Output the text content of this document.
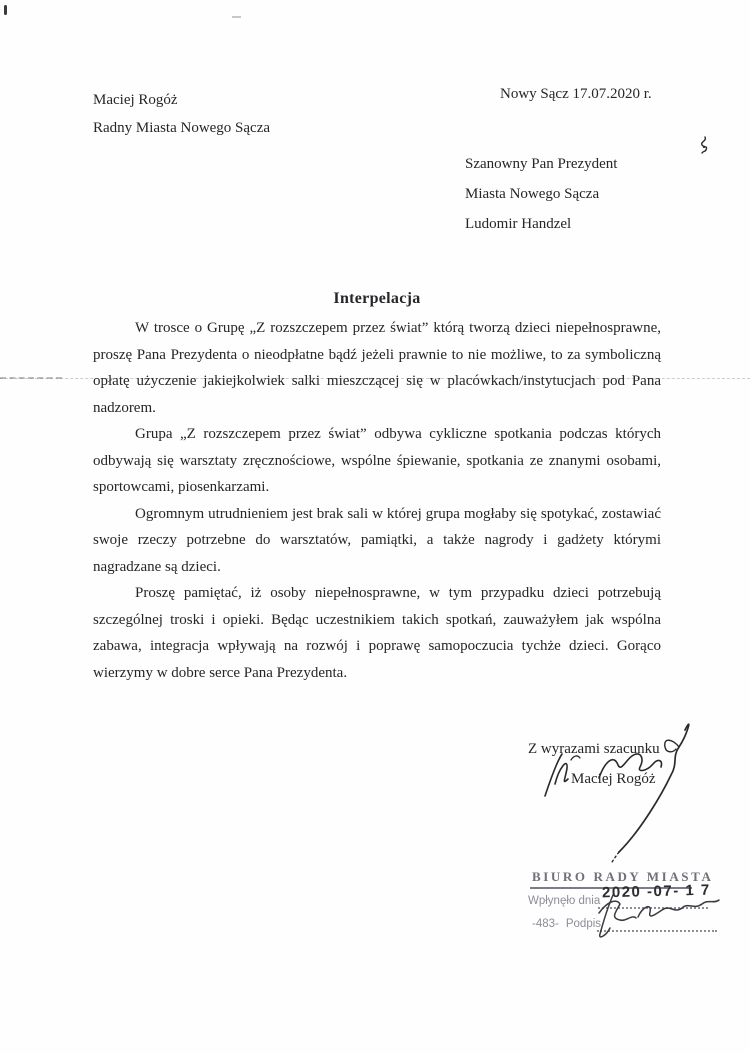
Maciej Rogóż
Radny Miasta Nowego Sącza
Nowy Sącz 17.07.2020 r.
Szanowny Pan Prezydent
Miasta Nowego Sącza
Ludomir Handzel
Interpelacja

W trosce o Grupę „Z rozszczepem przez świat” którą tworzą dzieci niepełnosprawne, proszę Pana Prezydenta o nieodpłatne bądź jeżeli prawnie to nie możliwe, to za symboliczną opłatę użyczenie jakiejkolwiek salki mieszczącej się w placówkach/instytucjach pod Pana nadzorem.

Grupa „Z rozszczepem przez świat” odbywa cykliczne spotkania podczas których odbywają się warsztaty zręcznościowe, wspólne śpiewanie, spotkania ze znanymi osobami, sportowcami, piosenkarzami.

Ogromnym utrudnieniem jest brak sali w której grupa mogłaby się spotykać, zostawiać swoje rzeczy potrzebne do warsztatów, pamiątki, a także nagrody i gadżety którymi nagradzane są dzieci.

Proszę pamiętać, iż osoby niepełnosprawne, w tym przypadku dzieci potrzebują szczególnej troski i opieki. Będąc uczestnikiem takich spotkań, zauważyłem jak wspólna zabawa, integracja wpływają na rozwój i poprawę samopoczucia tychże dzieci. Gorąco wierzymy w dobre serce Pana Prezydenta.

Z wyrazami szacunku
Maciej Rogóż
BIURO RADY MIASTA
Wpłynęło dnia 2020 -07- 1 7
-483- Podpis
